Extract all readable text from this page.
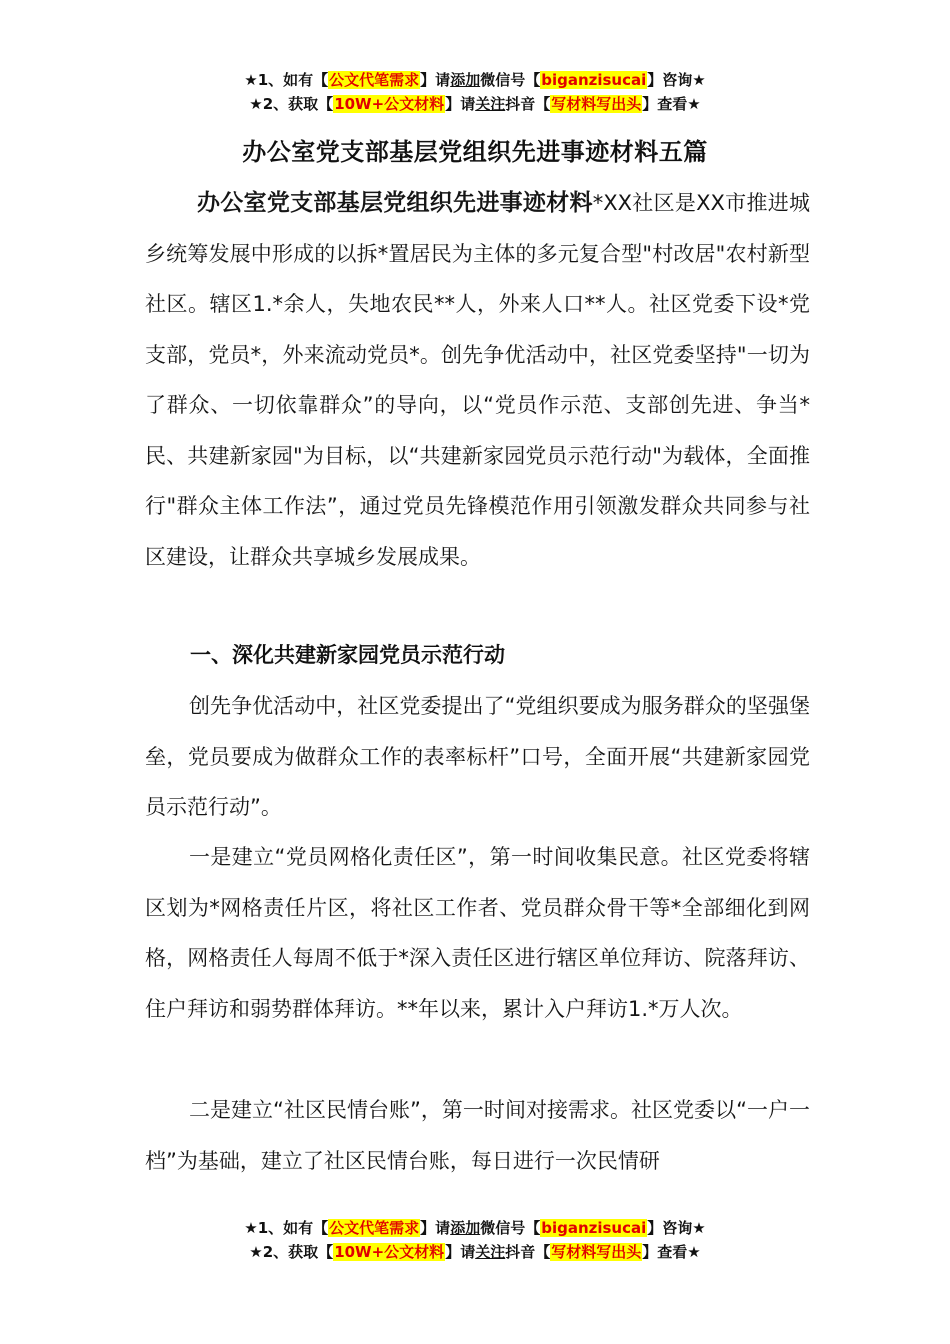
★1、如有【公文代笔需求】请添加微信号【biganzisucai】咨询★
★2、获取【10W+公文材料】请关注抖音【写材料写出头】查看★
办公室党支部基层党组织先进事迹材料五篇
办公室党支部基层党组织先进事迹材料*XX社区是XX市推进城乡统筹发展中形成的以拆*置居民为主体的多元复合型"村改居"农村新型社区。辖区1.*余人，失地农民**人，外来人口**人。社区党委下设*党支部，党员*，外来流动党员*。创先争优活动中，社区党委坚持"一切为了群众、一切依靠群众”的导向，以“党员作示范、支部创先进、争当*民、共建新家园"为目标，以“共建新家园党员示范行动"为载体，全面推行"群众主体工作法”，通过党员先锋模范作用引领激发群众共同参与社区建设，让群众共享城乡发展成果。
一、深化共建新家园党员示范行动
创先争优活动中，社区党委提出了“党组织要成为服务群众的坚强堡垒，党员要成为做群众工作的表率标杆”口号，全面开展“共建新家园党员示范行动”。
一是建立“党员网格化责任区”，第一时间收集民意。社区党委将辖区划为*网格责任片区，将社区工作者、党员群众骨干等*全部细化到网格，网格责任人每周不低于*深入责任区进行辖区单位拜访、院落拜访、住户拜访和弱势群体拜访。**年以来，累计入户拜访1.*万人次。
二是建立“社区民情台账”，第一时间对接需求。社区党委以“一户一档”为基础，建立了社区民情台账，每日进行一次民情研
★1、如有【公文代笔需求】请添加微信号【biganzisucai】咨询★
★2、获取【10W+公文材料】请关注抖音【写材料写出头】查看★
